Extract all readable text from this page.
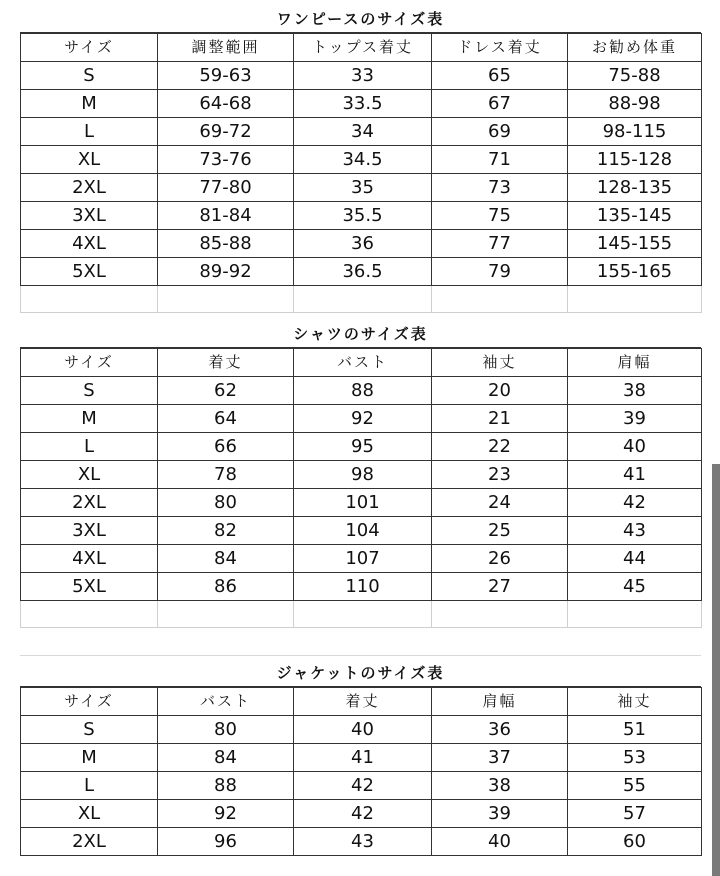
ワンピースのサイズ表
サイズ	調整範囲	トップス着丈	ドレス着丈	お勧め体重
S	59-63	33	65	75-88
M	64-68	33.5	67	88-98
L	69-72	34	69	98-115
XL	73-76	34.5	71	115-128
2XL	77-80	35	73	128-135
3XL	81-84	35.5	75	135-145
4XL	85-88	36	77	145-155
5XL	89-92	36.5	79	155-165

シャツのサイズ表
サイズ	着丈	バスト	袖丈	肩幅
S	62	88	20	38
M	64	92	21	39
L	66	95	22	40
XL	78	98	23	41
2XL	80	101	24	42
3XL	82	104	25	43
4XL	84	107	26	44
5XL	86	110	27	45

ジャケットのサイズ表
サイズ	バスト	着丈	肩幅	袖丈
S	80	40	36	51
M	84	41	37	53
L	88	42	38	55
XL	92	42	39	57
2XL	96	43	40	60
